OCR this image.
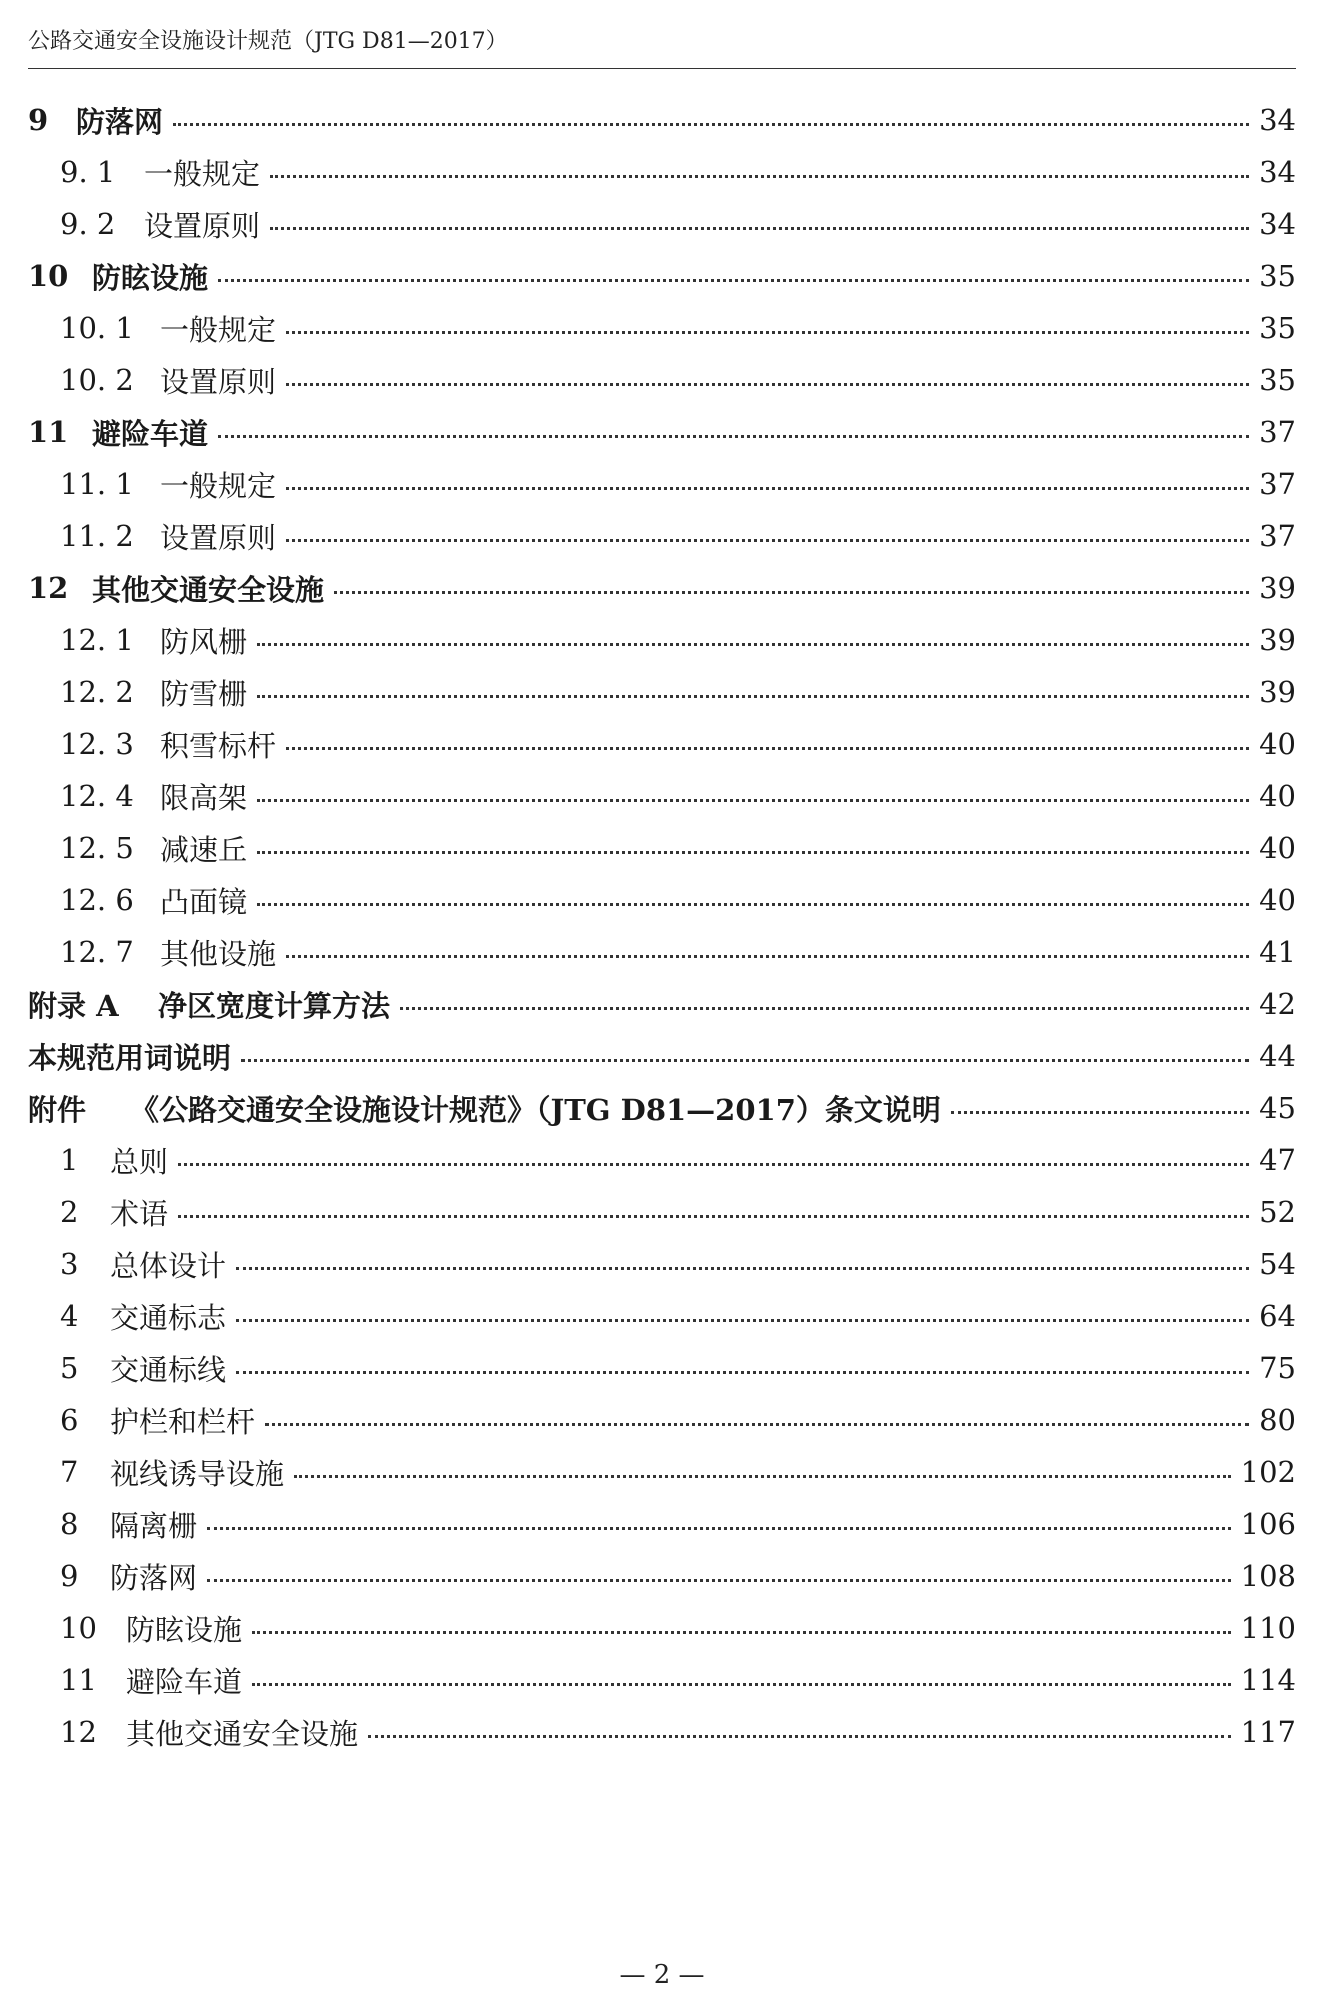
公路交通安全设施设计规范（JTG D81—2017）
9 防落网	34
9. 1 一般规定	34
9. 2 设置原则	34
10 防眩设施	35
10. 1 一般规定	35
10. 2 设置原则	35
11 避险车道	37
11. 1 一般规定	37
11. 2 设置原则	37
12 其他交通安全设施	39
12. 1 防风栅	39
12. 2 防雪栅	39
12. 3 积雪标杆	40
12. 4 限高架	40
12. 5 减速丘	40
12. 6 凸面镜	40
12. 7 其他设施	41
附录 A	净区宽度计算方法	42
本规范用词说明	44
附件	《公路交通安全设施设计规范》（JTG D81—2017）条文说明	45
1	总则	47
2	术语	52
3	总体设计	54
4	交通标志	64
5	交通标线	75
6	护栏和栏杆	80
7	视线诱导设施	102
8	隔离栅	106
9	防落网	108
10	防眩设施	110
11	避险车道	114
12	其他交通安全设施	117
— 2 —
